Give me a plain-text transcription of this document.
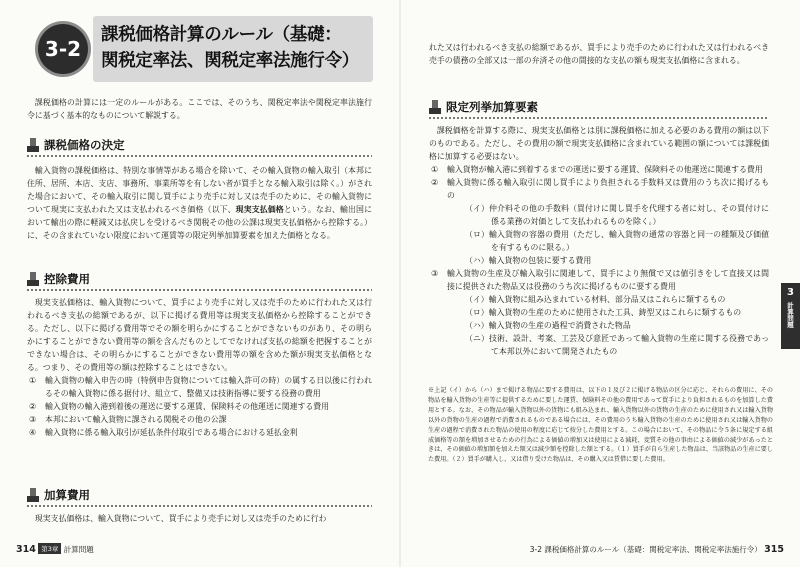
3-2
課税価格計算のルール（基礎：
関税定率法、関税定率法施行令）

課税価格の計算には一定のルールがある。ここでは、そのうち、関税定率法や関税定率法施行令に基づく基本的なものについて解説する。

課税価格の決定

輸入貨物の課税価格は、特別な事情等がある場合を除いて、その輸入貨物の輸入取引（本邦に住所、居所、本店、支店、事務所、事業所等を有しない者が買手となる輸入取引は除く。）がされた場合において、その輸入取引に関し買手により売手に対し又は売手のために、その輸入貨物について現実に支払われた又は支払われるべき価格（以下、現実支払価格という。なお、輸出国において輸出の際に軽減又は払戻しを受けるべき関税その他の公課は現実支払価格から控除する。）に、その含まれていない限度において運賃等の限定列挙加算要素を加えた価格となる。

控除費用

現実支払価格は、輸入貨物について、買手により売手に対し又は売手のために行われた又は行われるべき支払の総額であるが、以下に掲げる費用等は現実支払価格から控除することができる。ただし、以下に掲げる費用等でその額を明らかにすることができないものがあり、その明らかにすることができない費用等の額を含んだものとしてでなければ支払の総額を把握することができない場合は、その明らかにすることができない費用等の額を含めた額が現実支払価格となる。つまり、その費用等の額は控除することはできない。

① 輸入貨物の輸入申告の時（特例申告貨物については輸入許可の時）の属する日以後に行われるその輸入貨物に係る据付け、組立て、整備又は技術指導に要する役務の費用
② 輸入貨物の輸入港到着後の運送に要する運賃、保険料その他運送に関連する費用
③ 本邦において輸入貨物に課される関税その他の公課
④ 輸入貨物に係る輸入取引が延払条件付取引である場合における延払金利
加算費用

現実支払価格は、輸入貨物について、買手により売手に対し又は売手のために行わ

314 第3章 計算問題

れた又は行われるべき支払の総額であるが、買手により売手のために行われた又は行われるべき売手の債務の全部又は一部の弁済その他の間接的な支払の額も現実支払価格に含まれる。

限定列挙加算要素

課税価格を計算する際に、現実支払価格とは別に課税価格に加える必要のある費用の額は以下のものである。ただし、その費用の額で現実支払価格に含まれている範囲の額については課税価格に加算する必要はない。

① 輸入貨物が輸入港に到着するまでの運送に要する運賃、保険料その他運送に関連する費用
② 輸入貨物に係る輸入取引に関し買手により負担される手数料又は費用のうち次に掲げるもの
（イ）仲介料その他の手数料（買付けに関し買手を代理する者に対し、その買付けに係る業務の対価として支払われるものを除く。）
（ロ）輸入貨物の容器の費用（ただし、輸入貨物の通常の容器と同一の種類及び価値を有するものに限る。）
（ハ）輸入貨物の包装に要する費用
③ 輸入貨物の生産及び輸入取引に関連して、買手により無償で又は値引きをして直接又は間接に提供された物品又は役務のうち次に掲げるものに要する費用
（イ）輸入貨物に組み込まれている材料、部分品又はこれらに類するもの
（ロ）輸入貨物の生産のために使用された工具、鋳型又はこれらに類するもの
（ハ）輸入貨物の生産の過程で消費された物品
（ニ）技術、設計、考案、工芸及び意匠であって輸入貨物の生産に関する役務であって本邦以外において開発されたもの
※上記（イ）から（ハ）まで掲げる物品に要する費用は、以下の１及び２に掲げる物品の区分に応じ、それらの費用に、その物品を輸入貨物の生産等に提供するために要した運賃、保険料その他の費用であって買手により負担されるものを加算した費用とする。なお、その物品が輸入貨物以外の貨物にも組み込まれ、輸入貨物以外の貨物の生産のために使用され又は輸入貨物以外の貨物の生産の過程で消費されるものである場合には、その費用のうち輸入貨物の生産のために使用され又は輸入貨物の生産の過程で消費された物品の使用の程度に応じて按分した費用とする。この場合において、その物品に令５条に規定する組成価格等の額を増加させるための行為による価値の増加又は使用による減耗、変質その他の事由による価値の減少があったときは、その価値の増加額を加えた額又は減少額を控除した額とする。（１）買手が自ら生産した物品は、当該物品の生産に要した費用。（２）買手が購入し、又は借り受けた物品は、その購入又は賃借に要した費用。
3
計算問題
3-2 課税価格計算のルール（基礎：関税定率法、関税定率法施行令） 315
